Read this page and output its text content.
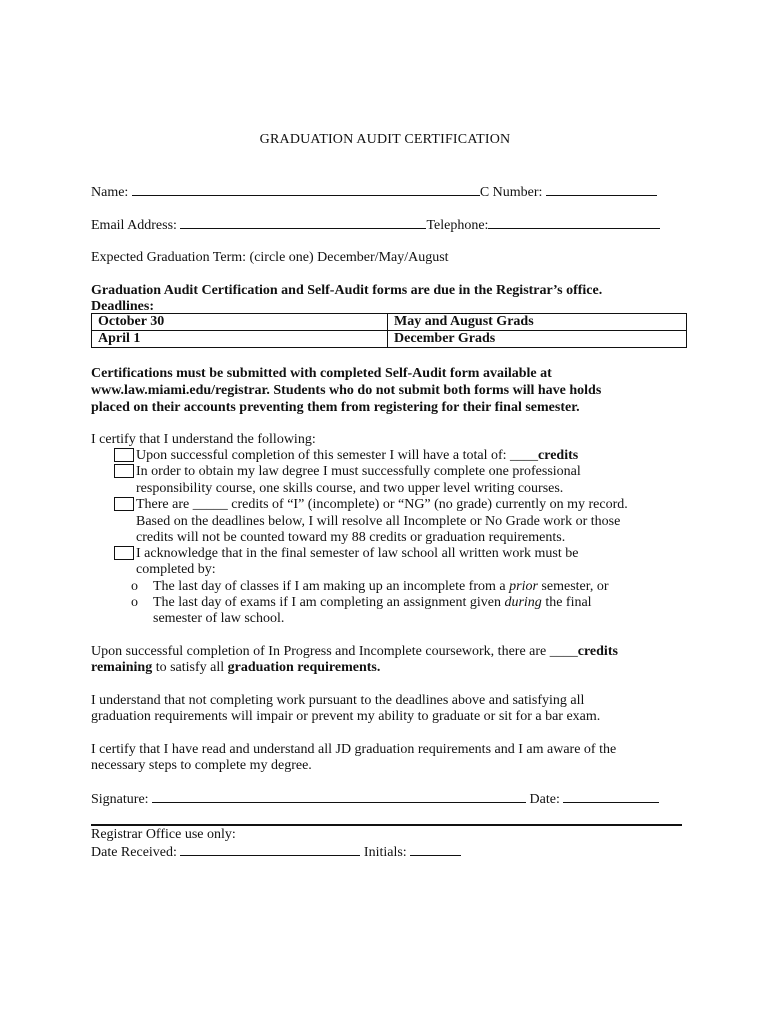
GRADUATION AUDIT CERTIFICATION
Name:	C Number:
Email Address:	Telephone:
Expected Graduation Term: (circle one) December/May/August
Graduation Audit Certification and Self-Audit forms are due in the Registrar’s office.
Deadlines:
October 30	May and August Grads
April 1	December Grads
Certifications must be submitted with completed Self-Audit form available at
www.law.miami.edu/registrar. Students who do not submit both forms will have holds
placed on their accounts preventing them from registering for their final semester.
I certify that I understand the following:
Upon successful completion of this semester I will have a total of: ____credits
In order to obtain my law degree I must successfully complete one professional
responsibility course, one skills course, and two upper level writing courses.
There are _____ credits of “I” (incomplete) or “NG” (no grade) currently on my record.
Based on the deadlines below, I will resolve all Incomplete or No Grade work or those
credits will not be counted toward my 88 credits or graduation requirements.
I acknowledge that in the final semester of law school all written work must be
completed by:
o The last day of classes if I am making up an incomplete from a prior semester, or
o The last day of exams if I am completing an assignment given during the final
semester of law school.
Upon successful completion of In Progress and Incomplete coursework, there are ____credits
remaining to satisfy all graduation requirements.
I understand that not completing work pursuant to the deadlines above and satisfying all
graduation requirements will impair or prevent my ability to graduate or sit for a bar exam.
I certify that I have read and understand all JD graduation requirements and I am aware of the
necessary steps to complete my degree.
Signature:	Date:
Registrar Office use only:
Date Received:	Initials:
